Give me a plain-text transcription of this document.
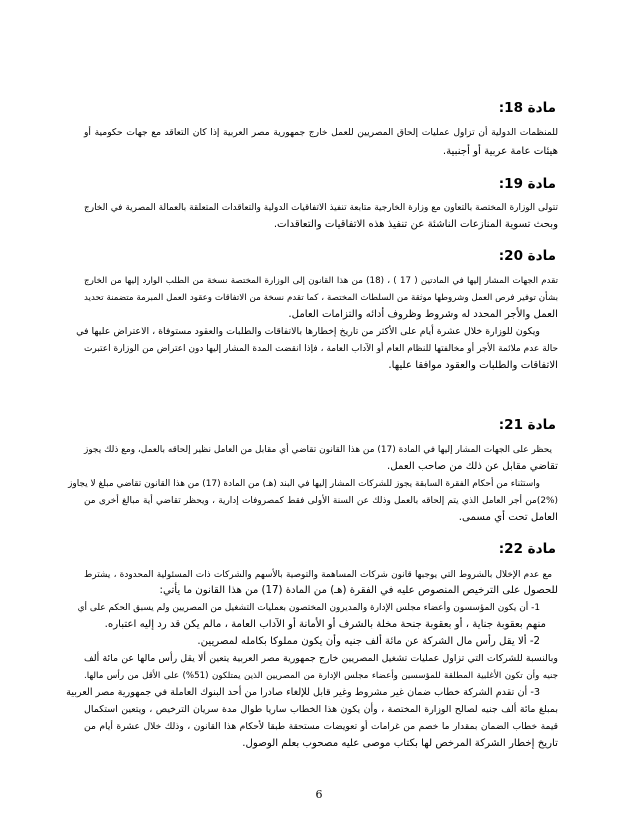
مادة 18:

للمنظمات الدولية أن تزاول عمليات إلحاق المصريين للعمل خارج جمهورية مصر العربية إذا كان التعاقد مع جهات حكومية أو

هيئات عامة عربية أو أجنبية.

مادة 19:

تتولى الوزارة المختصة بالتعاون مع وزارة الخارجية متابعة تنفيذ الاتفاقيات الدولية والتعاقدات المتعلقة بالعمالة المصرية في الخارج

وبحث تسوية المنازعات الناشئة عن تنفيذ هذه الاتفاقيات والتعاقدات.

مادة 20:

تقدم الجهات المشار إليها في المادتين ( 17 ) ، (18) من هذا القانون إلى الوزارة المختصة نسخة من الطلب الوارد إليها من الخارج

بشأن توفير فرص العمل وشروطها موثقة من السلطات المختصة ، كما تقدم نسخة من الاتفاقات وعقود العمل المبرمة متضمنة تحديد

العمل والأجر المحدد له وشروط وظروف أدائه والتزامات العامل.

ويكون للوزارة خلال عشرة أيام على الأكثر من تاريخ إخطارها بالاتفاقات والطلبات والعقود مستوفاة ، الاعتراض عليها في

حالة عدم ملائمة الأجر أو مخالفتها للنظام العام أو الآداب العامة ، فإذا انقضت المدة المشار إليها دون اعتراض من الوزارة اعتبرت

الاتفاقات والطلبات والعقود موافقا عليها.

مادة 21:

يحظر على الجهات المشار إليها في المادة (17) من هذا القانون تقاضي أي مقابل من العامل نظير إلحاقه بالعمل، ومع ذلك يجوز

تقاضي مقابل عن ذلك من صاحب العمل.

واستثناء من أحكام الفقرة السابقة يجوز للشركات المشار إليها في البند (هـ) من المادة (17) من هذا القانون تقاضي مبلغ لا يجاوز

(2%)من أجر العامل الذي يتم إلحاقه بالعمل وذلك عن السنة الأولى فقط كمصروفات إدارية ، ويحظر تقاضي أية مبالغ أخرى من

العامل تحت أي مسمى.

مادة 22:

مع عدم الإخلال بالشروط التي يوجبها قانون شركات المساهمة والتوصية بالأسهم والشركات ذات المسئولية المحدودة ، يشترط

للحصول على الترخيص المنصوص عليه في الفقرة (هـ) من المادة (17) من هذا القانون ما يأتي:

1- أن يكون المؤسسون وأعضاء مجلس الإدارة والمديرون المختصون بعمليات التشغيل من المصريين ولم يسبق الحكم على أي

منهم بعقوبة جناية ، أو بعقوبة جنحة مخلة بالشرف أو الأمانة أو الآداب العامة ، مالم يكن قد رد إليه اعتباره.

2- ألا يقل رأس مال الشركة عن مائة ألف جنيه وأن يكون مملوكا بكامله لمصريين.

وبالنسبة للشركات التي تزاول عمليات تشغيل المصريين خارج جمهورية مصر العربية يتعين ألا يقل رأس مالها عن مائة ألف

جنيه وأن تكون الأغلبية المطلقة للمؤسسين وأعضاء مجلس الإدارة من المصريين الذين يمتلكون (51%) على الأقل من رأس مالها.

3- أن تقدم الشركة خطاب ضمان غير مشروط وغير قابل للإلغاء صادرا من أحد البنوك العاملة في جمهورية مصر العربية

بمبلغ مائة ألف جنيه لصالح الوزارة المختصة ، وأن يكون هذا الخطاب ساريا طوال مدة سريان الترخيص ، ويتعين استكمال

قيمة خطاب الضمان بمقدار ما خصم من غرامات أو تعويضات مستحقة طبقا لأحكام هذا القانون ، وذلك خلال عشرة أيام من

تاريخ إخطار الشركة المرخص لها بكتاب موصى عليه مصحوب بعلم الوصول.

6
